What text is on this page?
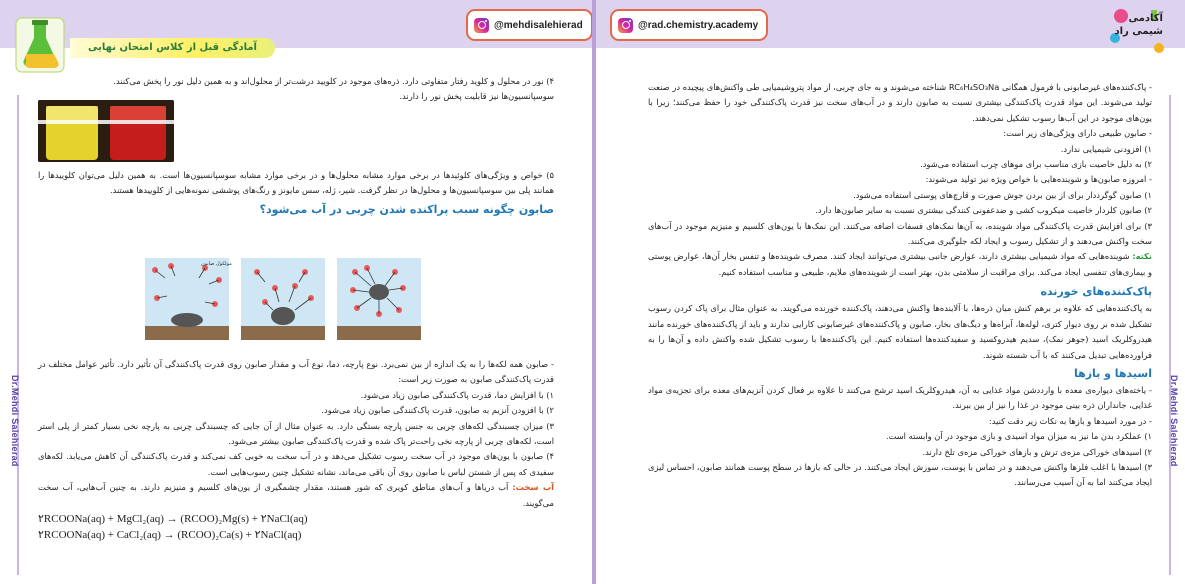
@mehdisalehierad
آمادگی قبل از کلاس امتحان نهایی
Dr.Mehdi Salehierad

۴) نور در محلول و کلوید رفتار متفاوتی دارد. ذره‌های موجود در کلویید درشت‌تر از محلول‌اند و به همین دلیل نور را پخش می‌کنند.

سوسپانسیون‌ها نیز قابلیت پخش نور را دارند.

۵) خواص و ویژگی‌های کلوئیدها در برخی موارد مشابه محلول‌ها و در برخی موارد مشابه سوسپانسیون‌ها است. به همین دلیل می‌توان کلوییدها را همانند پلی بین سوسپانسیون‌ها و محلول‌ها در نظر گرفت. شیر، ژله، سس مایونز و رنگ‌های پوششی نمونه‌هایی از کلوییدها هستند.

صابون چگونه سبب پراکنده شدن چربی در آب می‌شود؟

مولکول صابون

- صابون همه لکه‌ها را به یک اندازه از بین نمی‌برد. نوع پارچه، دما، نوع آب و مقدار صابون روی قدرت پاک‌کنندگی آن تأثیر دارد. تأثیر عوامل مختلف در قدرت پاک‌کنندگی صابون به صورت زیر است:

۱) با افزایش دما، قدرت پاک‌کنندگی صابون زیاد می‌شود.

۲) با افزودن آنزیم به صابون، قدرت پاک‌کنندگی صابون زیاد می‌شود.

۳) میزان چسبندگی لکه‌های چربی به جنس پارچه بستگی دارد. به عنوان مثال از آن جایی که چسبندگی چربی به پارچه نخی بسیار کمتر از پلی استر است، لکه‌های چربی از پارچه نخی راحت‌تر پاک شده و قدرت پاک‌کنندگی صابون بیشتر می‌شود.

۴) صابون با یون‌های موجود در آب سخت رسوب تشکیل می‌دهد و در آب سخت به خوبی کف نمی‌کند و قدرت پاک‌کنندگی آن کاهش می‌یابد. لکه‌های سفیدی که پس از شستن لباس با صابون روی آن باقی می‌ماند، نشانه تشکیل چنین رسوب‌هایی است.

آب سخت: آب دریاها و آب‌های مناطق کویری که شور هستند، مقدار چشمگیری از یون‌های کلسیم و منیزیم دارند. به چنین آب‌هایی، آب سخت می‌گویند.

۲RCOONa(aq) + MgCl₂(aq) → (RCOO)₂Mg(s) + ۲NaCl(aq)

۲RCOONa(aq) + CaCl₂(aq) → (RCOO)₂Ca(s) + ۲NaCl(aq)

@rad.chemistry.academy
آکادمی
شیمی راد
Dr.Mehdi Salehierad

- پاک‌کننده‌های غیرصابونی با فرمول همگانی RC₆H₄SO₃Na شناخته می‌شوند و به جای چربی، از مواد پتروشیمیایی طی واکنش‌های پیچیده در صنعت تولید می‌شوند. این مواد قدرت پاک‌کنندگی بیشتری نسبت به صابون دارند و در آب‌های سخت نیز قدرت پاک‌کنندگی خود را حفظ می‌کنند؛ زیرا با یون‌های موجود در این آب‌ها رسوب تشکیل نمی‌دهند.

- صابون طبیعی دارای ویژگی‌های زیر است:

۱) افزودنی شیمیایی ندارد.

۲) به دلیل خاصیت بازی مناسب برای موهای چرب استفاده می‌شود.

- امروزه صابون‌ها و شوینده‌هایی با خواص ویژه نیز تولید می‌شوند:

۱) صابون گوگرددار برای از بین بردن جوش صورت و قارچ‌های پوستی استفاده می‌شود.

۲) صابون کلردار خاصیت میکروب کشی و ضدعفونی کنندگی بیشتری نسبت به سایر صابون‌ها دارد.

۳) برای افزایش قدرت پاک‌کنندگی مواد شوینده، به آن‌ها نمک‌های فسفات اضافه می‌کنند. این نمک‌ها با یون‌های کلسیم و منیزیم موجود در آب‌های سخت واکنش می‌دهند و از تشکیل رسوب و ایجاد لکه جلوگیری می‌کنند.

نکته: شوینده‌هایی که مواد شیمیایی بیشتری دارند، عوارض جانبی بیشتری می‌توانند ایجاد کنند. مصرف شوینده‌ها و تنفس بخار آن‌ها، عوارض پوستی و بیماری‌های تنفسی ایجاد می‌کند. برای مراقبت از سلامتی بدن، بهتر است از شوینده‌های ملایم، طبیعی و مناسب استفاده کنیم.

پاک‌کننده‌های خورنده

به پاک‌کننده‌هایی که علاوه بر برهم کنش میان ذره‌ها، با آلاینده‌ها واکنش می‌دهند، پاک‌کننده خورنده می‌گویند. به عنوان مثال برای پاک کردن رسوب تشکیل شده بر روی دیوار کتری، لوله‌ها، آبراه‌ها و دیگ‌های بخار، صابون و پاک‌کننده‌های غیرصابونی کارایی ندارند و باید از پاک‌کننده‌های خورنده مانند هیدروکلریک اسید (جوهر نمک)، سدیم هیدروکسید و سفیدکننده‌ها استفاده کنیم. این پاک‌کننده‌ها با رسوب تشکیل شده واکنش داده و آن‌ها را به فراورده‌هایی تبدیل می‌کنند که با آب شسته شوند.

اسیدها و بازها

- یاخته‌های دیواره‌ی معده با وارددشن مواد غذایی به آن، هیدروکلریک اسید ترشح می‌کنند تا علاوه بر فعال کردن آنزیم‌های معده برای تجزیه‌ی مواد غذایی، جانداران ذره بینی موجود در غذا را نیز از بین ببرند.

- در مورد اسیدها و بازها به نکات زیر دقت کنید:

۱) عملکرد بدن ما نیز به میزان مواد اسیدی و بازی موجود در آن وابسته است.

۲) اسیدهای خوراکی مزه‌ی ترش و بازهای خوراکی مزه‌ی تلخ دارند.

۳) اسیدها با اغلب فلزها واکنش می‌دهند و در تماس با پوست، سوزش ایجاد می‌کنند. در حالی که بازها در سطح پوست همانند صابون، احساس لیزی ایجاد می‌کنند اما به آن آسیب می‌رسانند.
